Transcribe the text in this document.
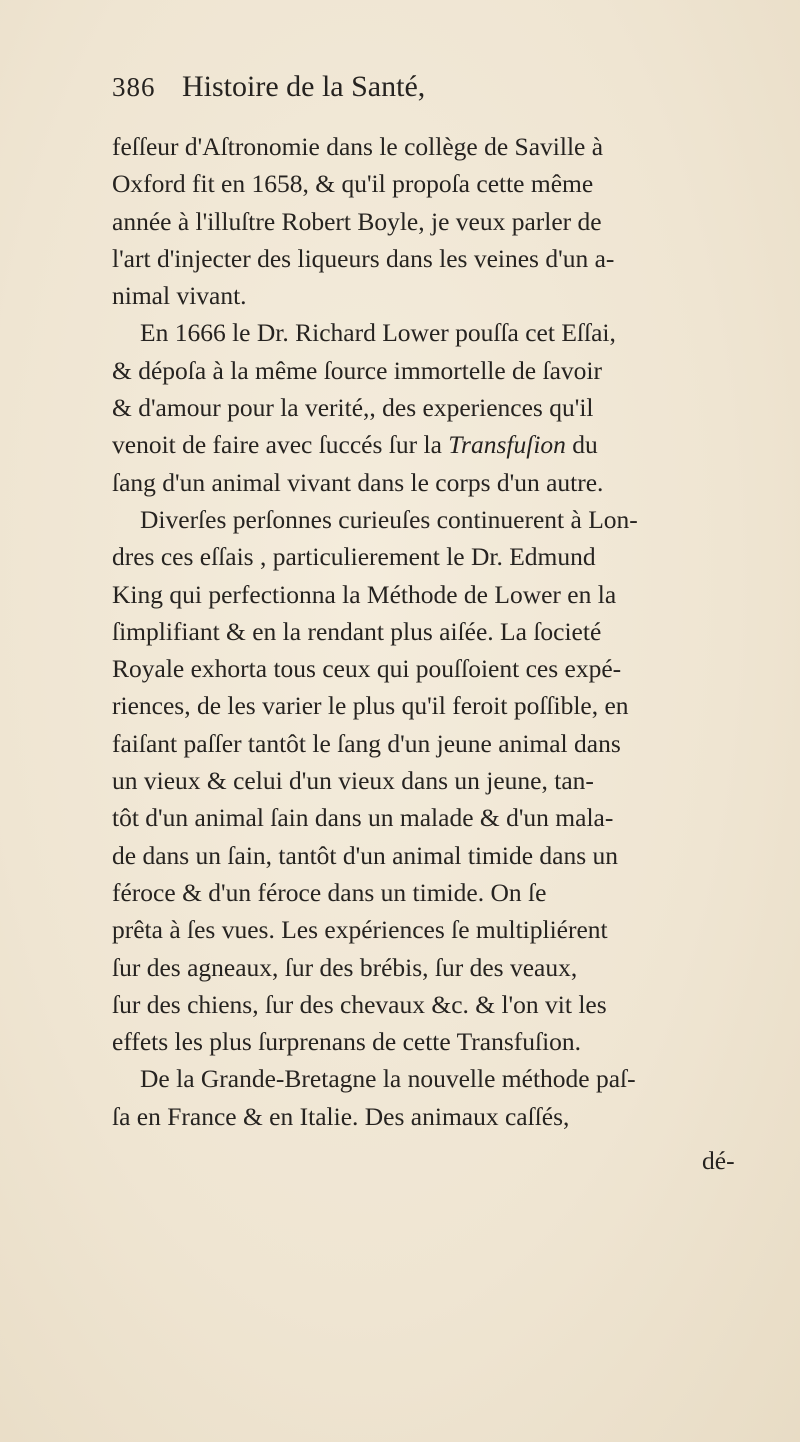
386 Histoire de la Santé,
feſſeur d'Aſtronomie dans le collège de Saville à
Oxford fit en 1658, & qu'il propoſa cette même
année à l'illuſtre Robert Boyle, je veux parler de
l'art d'injecter des liqueurs dans les veines d'un a-
nimal vivant.
En 1666 le Dr. Richard Lower pouſſa cet Eſſai,
& dépoſa à la même ſource immortelle de ſavoir
& d'amour pour la verité,, des experiences qu'il
venoit de faire avec ſuccés ſur la Transfuſion du
ſang d'un animal vivant dans le corps d'un autre.
Diverſes perſonnes curieuſes continuerent à Lon-
dres ces eſſais , particulierement le Dr. Edmund
King qui perfectionna la Méthode de Lower en la
ſimplifiant & en la rendant plus aiſée. La ſocieté
Royale exhorta tous ceux qui pouſſoient ces expé-
riences, de les varier le plus qu'il feroit poſſible, en
faiſant paſſer tantôt le ſang d'un jeune animal dans
un vieux & celui d'un vieux dans un jeune, tan-
tôt d'un animal ſain dans un malade & d'un mala-
de dans un ſain, tantôt d'un animal timide dans un
féroce & d'un féroce dans un timide. On ſe
prêta à ſes vues. Les expériences ſe multipliérent
ſur des agneaux, ſur des brébis, ſur des veaux,
ſur des chiens, ſur des chevaux &c. & l'on vit les
effets les plus ſurprenans de cette Transfuſion.
De la Grande-Bretagne la nouvelle méthode paſ-
ſa en France & en Italie. Des animaux caſſés,
dé-
